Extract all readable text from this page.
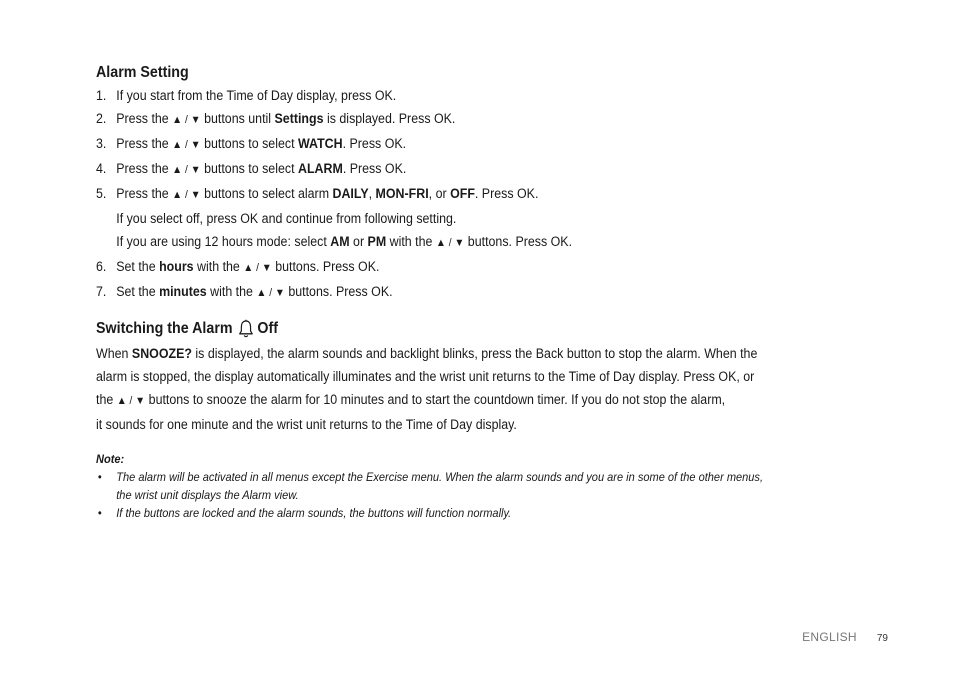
Alarm Setting
1. If you start from the Time of Day display, press OK.
2. Press the ▲ / ▼ buttons until Settings is displayed. Press OK.
3. Press the ▲ / ▼ buttons to select WATCH. Press OK.
4. Press the ▲ / ▼ buttons to select ALARM. Press OK.
5. Press the ▲ / ▼ buttons to select alarm DAILY, MON-FRI, or OFF. Press OK.
If you select off, press OK and continue from following setting.
If you are using 12 hours mode: select AM or PM with the ▲ / ▼ buttons. Press OK.
6. Set the hours with the ▲ / ▼ buttons. Press OK.
7. Set the minutes with the ▲ / ▼ buttons. Press OK.
Switching the Alarm Off
When SNOOZE? is displayed, the alarm sounds and backlight blinks, press the Back button to stop the alarm. When the
alarm is stopped, the display automatically illuminates and the wrist unit returns to the Time of Day display. Press OK, or
the ▲ / ▼ buttons to snooze the alarm for 10 minutes and to start the countdown timer. If you do not stop the alarm,
it sounds for one minute and the wrist unit returns to the Time of Day display.
Note:
• The alarm will be activated in all menus except the Exercise menu. When the alarm sounds and you are in some of the other menus,
the wrist unit displays the Alarm view.
• If the buttons are locked and the alarm sounds, the buttons will function normally.
ENGLISH 79
